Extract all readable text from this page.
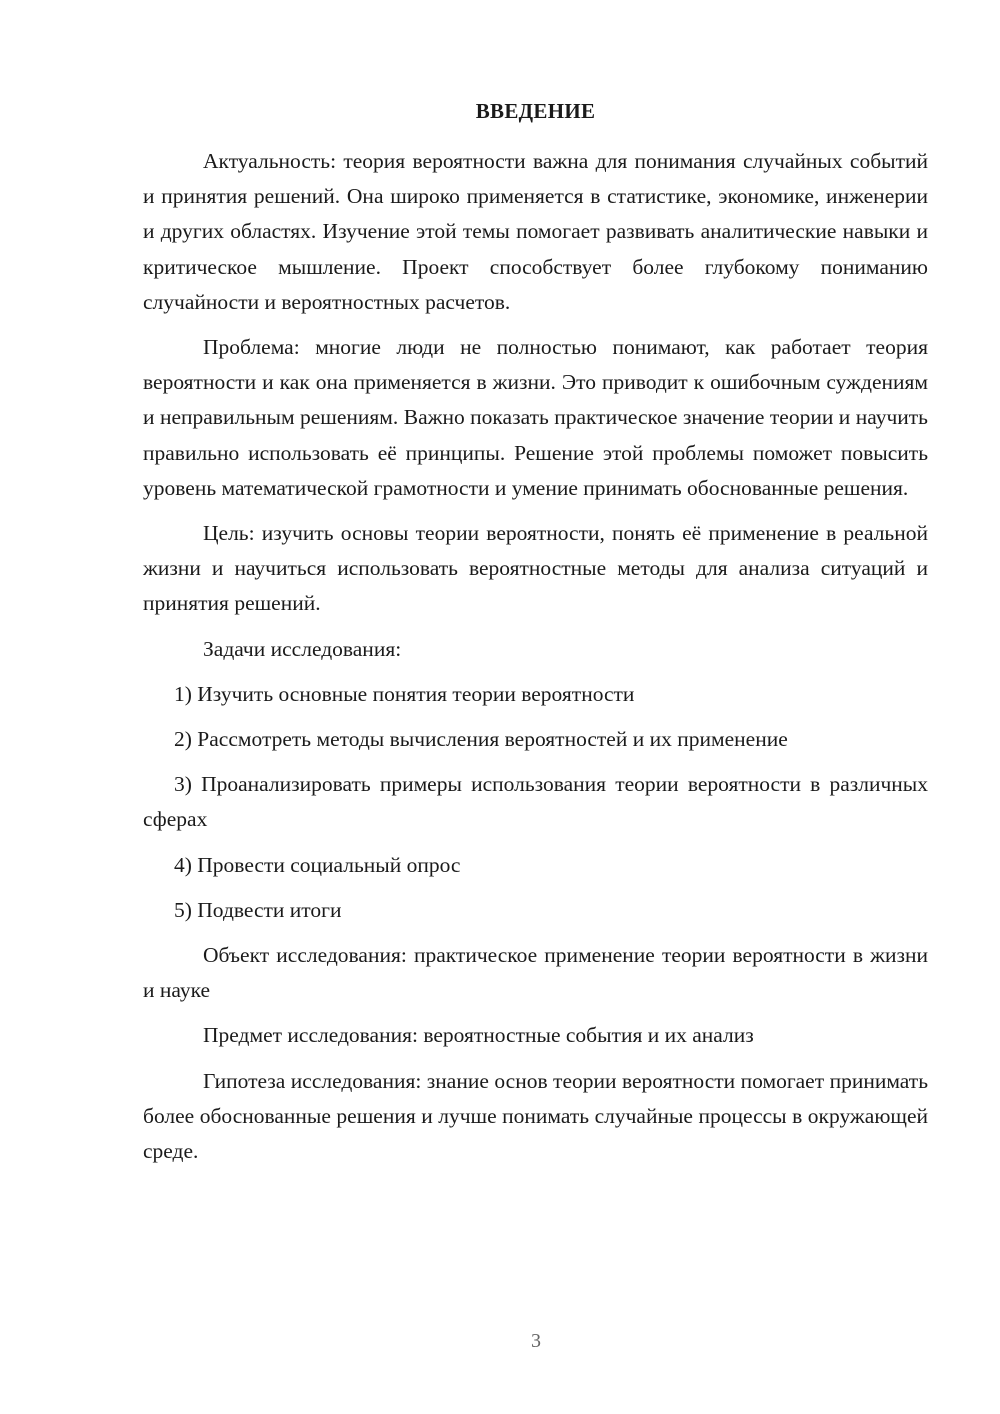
ВВЕДЕНИЕ

Актуальность: теория вероятности важна для понимания случайных событий и принятия решений. Она широко применяется в статистике, экономике, инженерии и других областях. Изучение этой темы помогает развивать аналитические навыки и критическое мышление. Проект способствует более глубокому пониманию случайности и вероятностных расчетов.

Проблема: многие люди не полностью понимают, как работает теория вероятности и как она применяется в жизни. Это приводит к ошибочным суждениям и неправильным решениям. Важно показать практическое значение теории и научить правильно использовать её принципы. Решение этой проблемы поможет повысить уровень математической грамотности и умение принимать обоснованные решения.

Цель: изучить основы теории вероятности, понять её применение в реальной жизни и научиться использовать вероятностные методы для анализа ситуаций и принятия решений.

Задачи исследования:

1) Изучить основные понятия теории вероятности

2) Рассмотреть методы вычисления вероятностей и их применение

3) Проанализировать примеры использования теории вероятности в различных сферах

4) Провести социальный опрос

5) Подвести итоги

Объект исследования: практическое применение теории вероятности в жизни и науке

Предмет исследования: вероятностные события и их анализ

Гипотеза исследования: знание основ теории вероятности помогает принимать более обоснованные решения и лучше понимать случайные процессы в окружающей среде.

3
